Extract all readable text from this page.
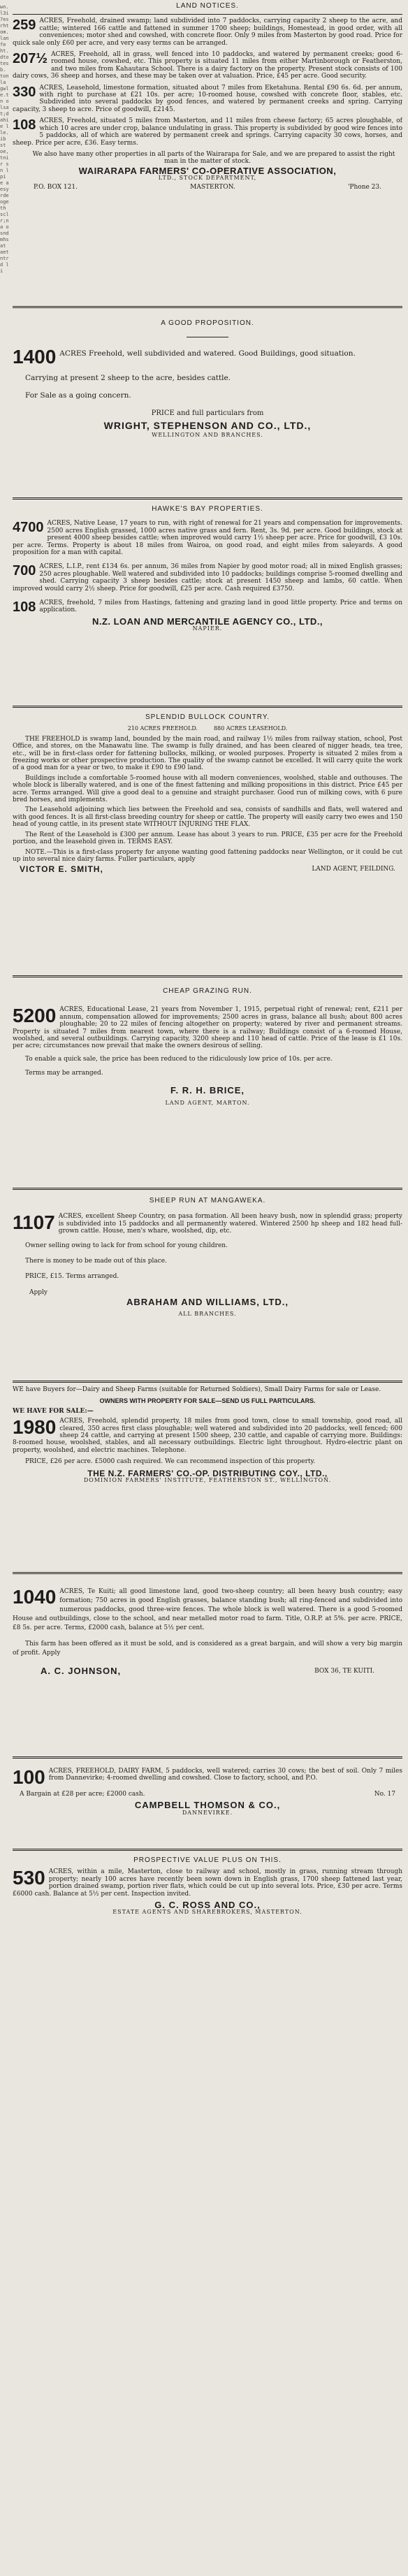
wn.l3i7esrhtom.lanfe ht.dtotesb. tonla gwle.tn olsat;d ahie l le.ib st oe,tnir sn lpi e aesyrde ogeth sclr;na osnd mhsat aetntrd li
LAND NOTICES.
259 ACRES, Freehold, drained swamp; land subdivided into 7 paddocks, carrying capacity 2 sheep to the acre, and cattle; wintered 166 cattle and fattened in summer 1700 sheep; buildings, Homestead, in good order, with all conveniences; motor shed and cowshed, with concrete floor. Only 9 miles from Masterton by good road. Price for quick sale only £60 per acre, and very easy terms can be arranged.
207½ ACRES, Freehold, all in grass, well fenced into 10 paddocks, and watered by permanent creeks; good 6-roomed house, cowshed, etc. This property is situated 11 miles from either Martinborough or Featherston, and two miles from Kahautara School. There is a dairy factory on the property. Present stock consists of 100 dairy cows, 36 sheep and horses, and these may be taken over at valuation. Price, £45 per acre. Good security.
330 ACRES, Leasehold, limestone formation, situated about 7 miles from Eketahuna. Rental £90 6s. 6d. per annum, with right to purchase at £21 10s. per acre; 10-roomed house, cowshed with concrete floor, stables, etc. Subdivided into several paddocks by good fences, and watered by permanent creeks and spring. Carrying capacity, 3 sheep to acre. Price of goodwill, £2145.
108 ACRES, Freehold, situated 5 miles from Masterton, and 11 miles from cheese factory; 65 acres ploughable, of which 10 acres are under crop, balance undulating in grass. This property is subdivided by good wire fences into 5 paddocks, all of which are watered by permanent creek and springs. Carrying capacity 30 cows, horses, and sheep. Price per acre, £36. Easy terms.
We also have many other properties in all parts of the Wairarapa for Sale, and we are prepared to assist the right man in the matter of stock.
WAIRARAPA FARMERS' CO-OPERATIVE ASSOCIATION,
LTD., STOCK DEPARTMENT,
P.O. BOX 121.	MASTERTON.	'Phone 23.
A GOOD PROPOSITION.
1400 ACRES Freehold, well subdivided and watered. Good Buildings, good situation.
Carrying at present 2 sheep to the acre, besides cattle.
For Sale as a going concern.
PRICE and full particulars from
WRIGHT, STEPHENSON AND CO., LTD.,
WELLINGTON AND BRANCHES.
HAWKE'S BAY PROPERTIES.
4700 ACRES, Native Lease, 17 years to run, with right of renewal for 21 years and compensation for improvements. 2500 acres English grassed, 1000 acres native grass and fern. Rent, 3s. 9d. per acre. Good buildings, stock at present 4000 sheep besides cattle; when improved would carry 1½ sheep per acre. Price for goodwill, £3 10s. per acre. Terms. Property is about 18 miles from Wairoa, on good road, and eight miles from saleyards. A good proposition for a man with capital.
700 ACRES, L.I.P., rent £134 6s. per annum, 36 miles from Napier by good motor road; all in mixed English grasses; 250 acres ploughable. Well watered and subdivided into 10 paddocks; buildings comprise 5-roomed dwelling and shed. Carrying capacity 3 sheep besides cattle; stock at present 1450 sheep and lambs, 60 cattle. When improved would carry 2½ sheep. Price for goodwill, £25 per acre. Cash required £3750.
108 ACRES, freehold, 7 miles from Hastings, fattening and grazing land in good little property. Price and terms on application.
N.Z. LOAN AND MERCANTILE AGENCY CO., LTD.,
NAPIER.
SPLENDID BULLOCK COUNTRY.
210 ACRES FREEHOLD.         880 ACRES LEASEHOLD.
THE FREEHOLD is swamp land, bounded by the main road, and railway 1½ miles from railway station, school, Post Office, and stores, on the Manawatu line. The swamp is fully drained, and has been cleared of nigger heads, tea tree, etc., will be in first-class order for fattening bullocks, milking, or wooled purposes. Property is situated 2 miles from a freezing works or other prospective production. The quality of the swamp cannot be excelled. It will carry quite the work of a good man for a year or two, to make it £90 to £90 land.
Buildings include a comfortable 5-roomed house with all modern conveniences, woolshed, stable and outhouses. The whole block is liberally watered, and is one of the finest fattening and milking propositions in this district. Price £45 per acre. Terms arranged. Will give a good deal to a genuine and straight purchaser. Good run of milking cows, with 6 pure bred horses, and implements.
The Leasehold adjoining which lies between the Freehold and sea, consists of sandhills and flats, well watered and with good fences. It is all first-class breeding country for sheep or cattle. The property will easily carry two ewes and 150 head of young cattle, in its present state WITHOUT INJURING THE FLAX.
The Rent of the Leasehold is £300 per annum. Lease has about 3 years to run. PRICE, £35 per acre for the Freehold portion, and the leasehold given in. TERMS EASY.
NOTE.—This is a first-class property for anyone wanting good fattening paddocks near Wellington, or it could be cut up into several nice dairy farms. Fuller particulars, apply
VICTOR E. SMITH,	LAND AGENT, FEILDING.
CHEAP GRAZING RUN.
5200 ACRES, Educational Lease, 21 years from November 1, 1915, perpetual right of renewal; rent, £211 per annum, compensation allowed for improvements; 2500 acres in grass, balance all bush; about 800 acres ploughable; 20 to 22 miles of fencing altogether on property; watered by river and permanent streams. Property is situated 7 miles from nearest town, where there is a railway; Buildings consist of a 6-roomed House, woolshed, and several outbuildings. Carrying capacity, 3200 sheep and 110 head of cattle. Price of the lease is £1 10s. per acre; circumstances now prevail that make the owners desirous of selling.
To enable a quick sale, the price has been reduced to the ridiculously low price of 10s. per acre.
Terms may be arranged.
F. R. H. BRICE,
LAND AGENT, MARTON.
SHEEP RUN AT MANGAWEKA.
1107 ACRES, excellent Sheep Country, on pasa formation. All been heavy bush, now in splendid grass; property is subdivided into 15 paddocks and all permanently watered. Wintered 2500 hp sheep and 182 head full-grown cattle. House, men's whare, woolshed, dip, etc.
Owner selling owing to lack for from school for young children.
There is money to be made out of this place.
PRICE, £15. Terms arranged.
Apply
ABRAHAM AND WILLIAMS, LTD.,
ALL BRANCHES.
WE have Buyers for—Dairy and Sheep Farms (suitable for Returned Soldiers), Small Dairy Farms for sale or Lease.
OWNERS WITH PROPERTY FOR SALE—SEND US FULL PARTICULARS.
WE HAVE FOR SALE:—
1980 ACRES, Freehold, splendid property, 18 miles from good town, close to small township, good road, all cleared, 350 acres first class ploughable; well watered and subdivided into 20 paddocks, well fenced; 600 sheep 24 cattle, and carrying at present 1500 sheep, 230 cattle, and capable of carrying more. Buildings: 8-roomed house, woolshed, stables, and all necessary outbuildings. Electric light throughout. Hydro-electric plant on property, woolshed, and electric machines. Telephone.
PRICE, £26 per acre. £5000 cash required. We can recommend inspection of this property.
THE N.Z. FARMERS' CO.-OP. DISTRIBUTING COY., LTD.,
DOMINION FARMERS' INSTITUTE, FEATHERSTON ST., WELLINGTON.
1040 ACRES, Te Kuiti; all good limestone land, good two-sheep country; all been heavy bush country; easy formation; 750 acres in good English grasses, balance standing bush; all ring-fenced and subdivided into numerous paddocks, good three-wire fences. The whole block is well watered. There is a good 5-roomed House and outbuildings, close to the school, and near metalled motor road to farm. Title, O.R.P. at 5%. per acre. PRICE, £8 5s. per acre. Terms, £2000 cash, balance at 5½ per cent.
This farm has been offered as it must be sold, and is considered as a great bargain, and will show a very big margin of profit. Apply
A. C. JOHNSON,	BOX 36, TE KUITI.
100 ACRES, FREEHOLD, DAIRY FARM, 5 paddocks, well watered; carries 30 cows; the best of soil. Only 7 miles from Dannevirke; 4-roomed dwelling and cowshed. Close to factory, school, and P.O.
A Bargain at £28 per acre; £2000 cash.	No. 17
CAMPBELL THOMSON & CO.,
DANNEVIRKE.
PROSPECTIVE VALUE PLUS ON THIS.
530 ACRES, within a mile, Masterton, close to railway and school, mostly in grass, running stream through property; nearly 100 acres have recently been sown down in English grass, 1700 sheep fattened last year, portion drained swamp, portion river flats, which could be cut up into several lots. Price, £30 per acre. Terms £6000 cash. Balance at 5½ per cent. Inspection invited.
G. C. ROSS AND CO.,
ESTATE AGENTS AND SHAREBROKERS, MASTERTON.
